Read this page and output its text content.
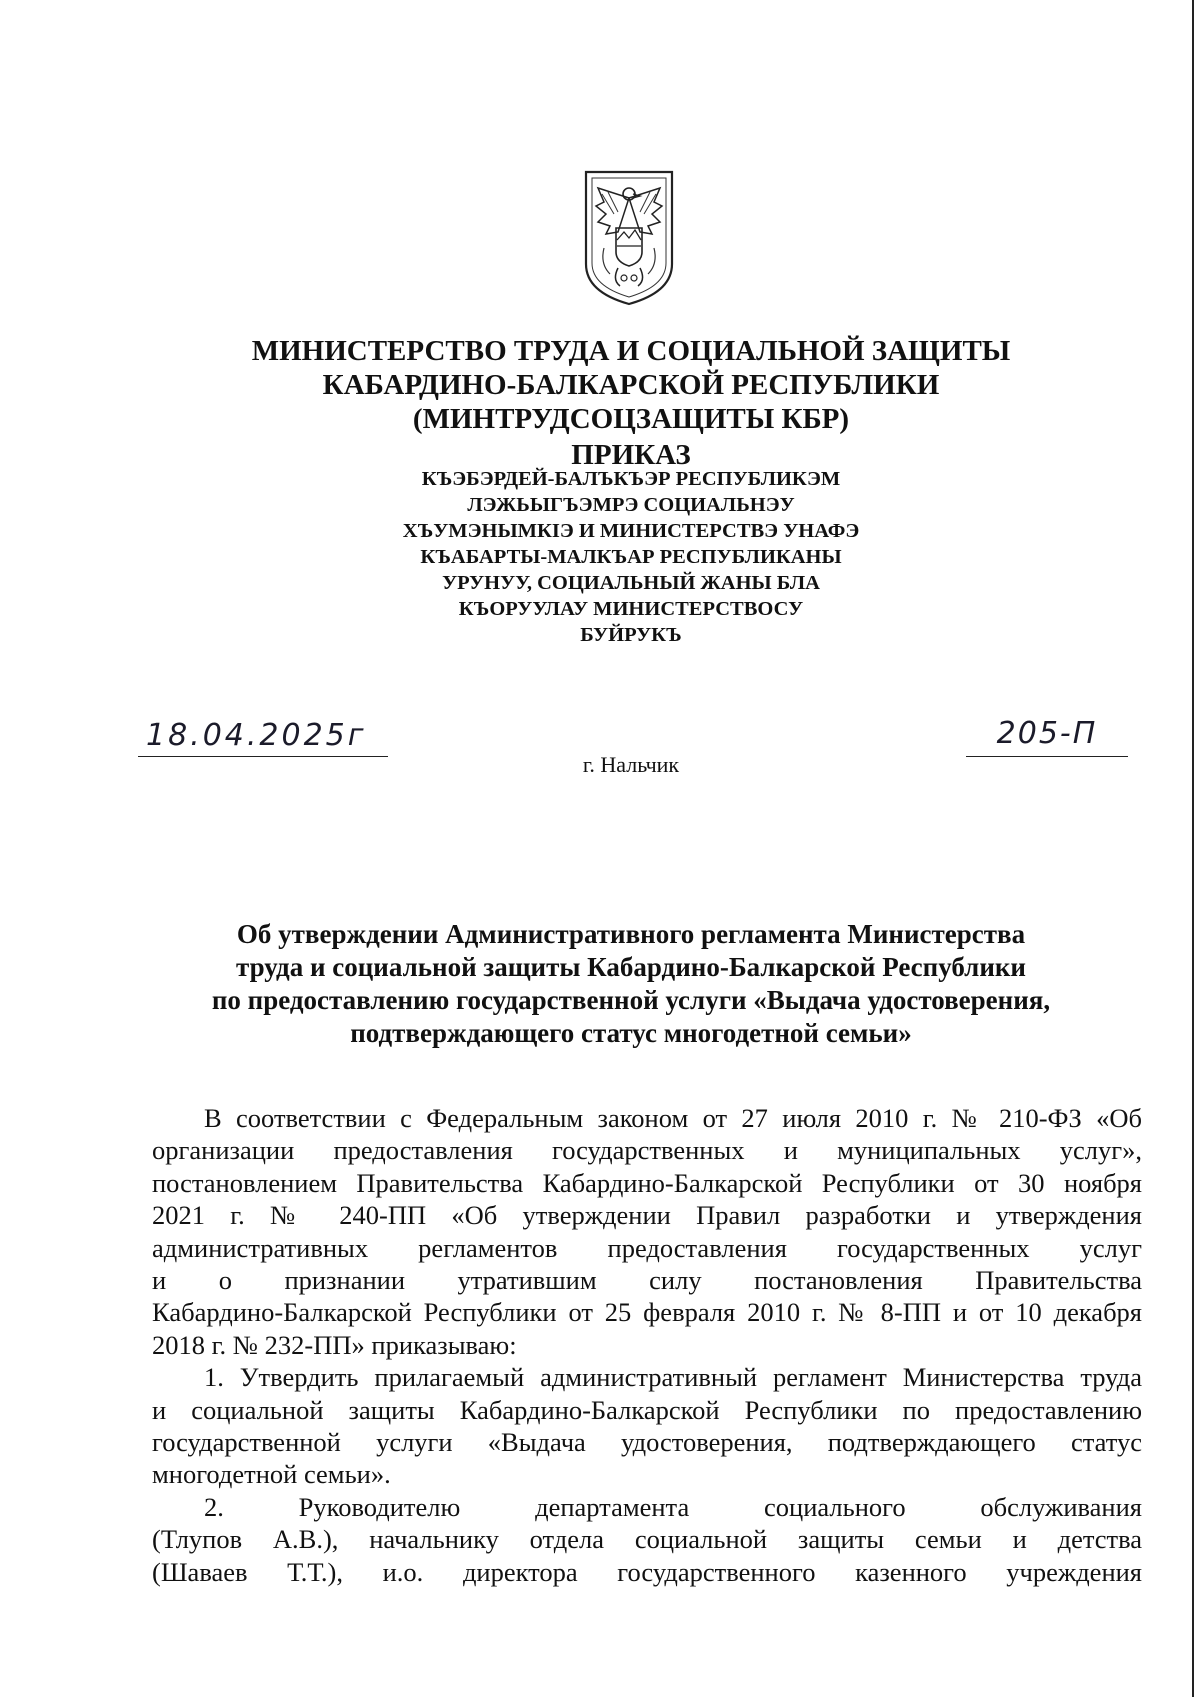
МИНИСТЕРСТВО ТРУДА И СОЦИАЛЬНОЙ ЗАЩИТЫ
КАБАРДИНО-БАЛКАРСКОЙ РЕСПУБЛИКИ
(МИНТРУДСОЦЗАЩИТЫ КБР)
ПРИКАЗ
КЪЭБЭРДЕЙ-БАЛЪКЪЭР РЕСПУБЛИКЭМ
ЛЭЖЬЫГЪЭМРЭ СОЦИАЛЬНЭУ
ХЪУМЭНЫМКIЭ И МИНИСТЕРСТВЭ УНАФЭ
КЪАБАРТЫ-МАЛКЪАР РЕСПУБЛИКАНЫ
УРУНУУ, СОЦИАЛЬНЫЙ ЖАНЫ БЛА
КЪОРУУЛАУ МИНИСТЕРСТВОСУ
БУЙРУКЪ
18.04.2025г	205-П
г. Нальчик
Об утверждении Административного регламента Министерства
труда и социальной защиты Кабардино-Балкарской Республики
по предоставлению государственной услуги «Выдача удостоверения,
подтверждающего статус многодетной семьи»
В соответствии с Федеральным законом от 27 июля 2010 г. № 210-ФЗ «Об
организации предоставления государственных и муниципальных услуг»,
постановлением Правительства Кабардино-Балкарской Республики от 30 ноября
2021 г. № 240-ПП «Об утверждении Правил разработки и утверждения
административных регламентов предоставления государственных услуг
и о признании утратившим силу постановления Правительства
Кабардино-Балкарской Республики от 25 февраля 2010 г. № 8-ПП и от 10 декабря
2018 г. № 232-ПП» приказываю:
1. Утвердить прилагаемый административный регламент Министерства труда
и социальной защиты Кабардино-Балкарской Республики по предоставлению
государственной услуги «Выдача удостоверения, подтверждающего статус
многодетной семьи».
2. Руководителю департамента социального обслуживания
(Тлупов А.В.), начальнику отдела социальной защиты семьи и детства
(Шаваев Т.Т.), и.о. директора государственного казенного учреждения
